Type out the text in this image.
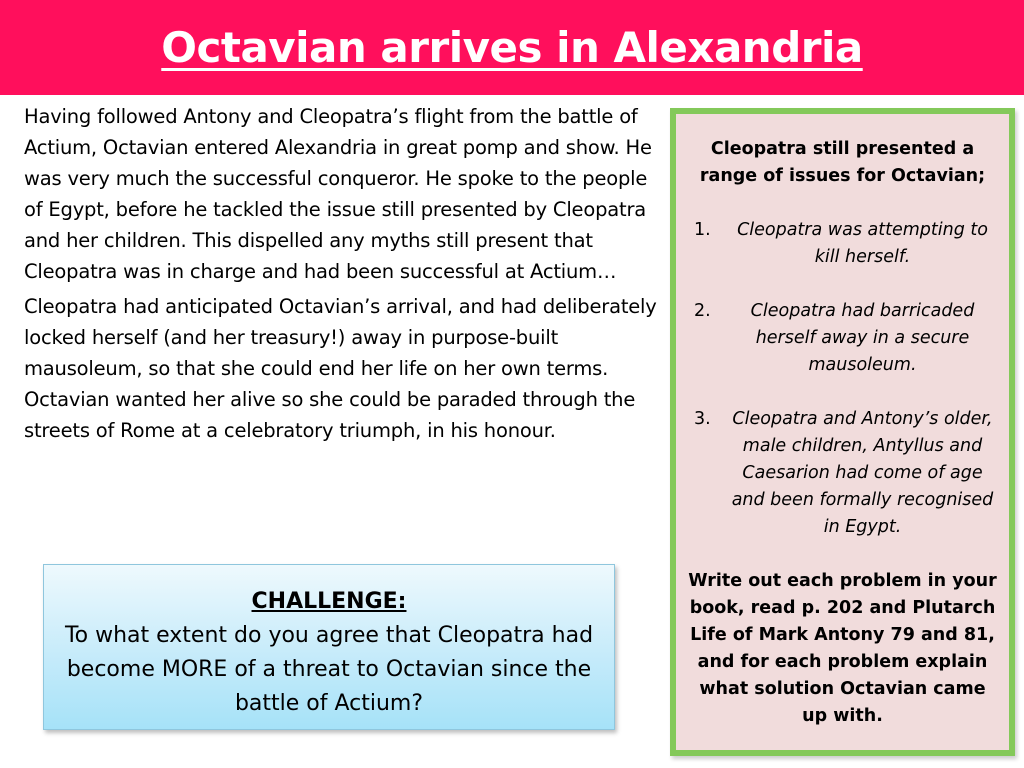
Octavian arrives in Alexandria

Having followed Antony and Cleopatra’s flight from the battle of Actium, Octavian entered Alexandria in great pomp and show. He was very much the successful conqueror. He spoke to the people of Egypt, before he tackled the issue still presented by Cleopatra and her children. This dispelled any myths still present that Cleopatra was in charge and had been successful at Actium…

Cleopatra had anticipated Octavian’s arrival, and had deliberately locked herself (and her treasury!) away in purpose-built mausoleum, so that she could end her life on her own terms. Octavian wanted her alive so she could be paraded through the streets of Rome at a celebratory triumph, in his honour.

CHALLENGE:
To what extent do you agree that Cleopatra had become MORE of a threat to Octavian since the battle of Actium?

Cleopatra still presented a range of issues for Octavian;

1.	Cleopatra was attempting to kill herself.
2.	Cleopatra had barricaded herself away in a secure mausoleum.
3.	Cleopatra and Antony’s older, male children, Antyllus and Caesarion had come of age and been formally recognised in Egypt.

Write out each problem in your book, read p. 202 and Plutarch Life of Mark Antony 79 and 81, and for each problem explain what solution Octavian came up with.
